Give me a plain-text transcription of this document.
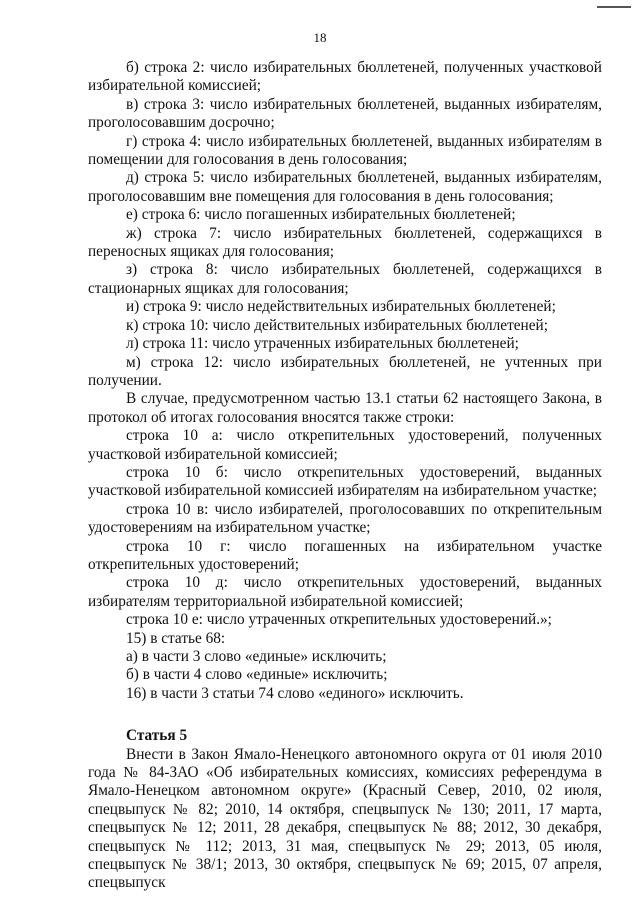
18

б) строка 2: число избирательных бюллетеней, полученных участковой избирательной комиссией;

в) строка 3: число избирательных бюллетеней, выданных избирателям, проголосовавшим досрочно;

г) строка 4: число избирательных бюллетеней, выданных избирателям в помещении для голосования в день голосования;

д) строка 5: число избирательных бюллетеней, выданных избирателям, проголосовавшим вне помещения для голосования в день голосования;

е) строка 6: число погашенных избирательных бюллетеней;

ж) строка 7: число избирательных бюллетеней, содержащихся в переносных ящиках для голосования;

з) строка 8: число избирательных бюллетеней, содержащихся в стационарных ящиках для голосования;

и) строка 9: число недействительных избирательных бюллетеней;

к) строка 10: число действительных избирательных бюллетеней;

л) строка 11: число утраченных избирательных бюллетеней;

м) строка 12: число избирательных бюллетеней, не учтенных при получении.

В случае, предусмотренном частью 13.1 статьи 62 настоящего Закона, в протокол об итогах голосования вносятся также строки:

строка 10 а: число открепительных удостоверений, полученных участковой избирательной комиссией;

строка 10 б: число открепительных удостоверений, выданных участковой избирательной комиссией избирателям на избирательном участке;

строка 10 в: число избирателей, проголосовавших по открепительным удостоверениям на избирательном участке;

строка 10 г: число погашенных на избирательном участке открепительных удостоверений;

строка 10 д: число открепительных удостоверений, выданных избирателям территориальной избирательной комиссией;

строка 10 е: число утраченных открепительных удостоверений.»;

15) в статье 68:

а) в части 3 слово «единые» исключить;

б) в части 4 слово «единые» исключить;

16) в части 3 статьи 74 слово «единого» исключить.

Статья 5

Внести в Закон Ямало-Ненецкого автономного округа от 01 июля 2010 года № 84-ЗАО «Об избирательных комиссиях, комиссиях референдума в Ямало-Ненецком автономном округе» (Красный Север, 2010, 02 июля, спецвыпуск № 82; 2010, 14 октября, спецвыпуск № 130; 2011, 17 марта, спецвыпуск № 12; 2011, 28 декабря, спецвыпуск № 88; 2012, 30 декабря, спецвыпуск № 112; 2013, 31 мая, спецвыпуск № 29; 2013, 05 июля, спецвыпуск № 38/1; 2013, 30 октября, спецвыпуск № 69; 2015, 07 апреля, спецвыпуск
